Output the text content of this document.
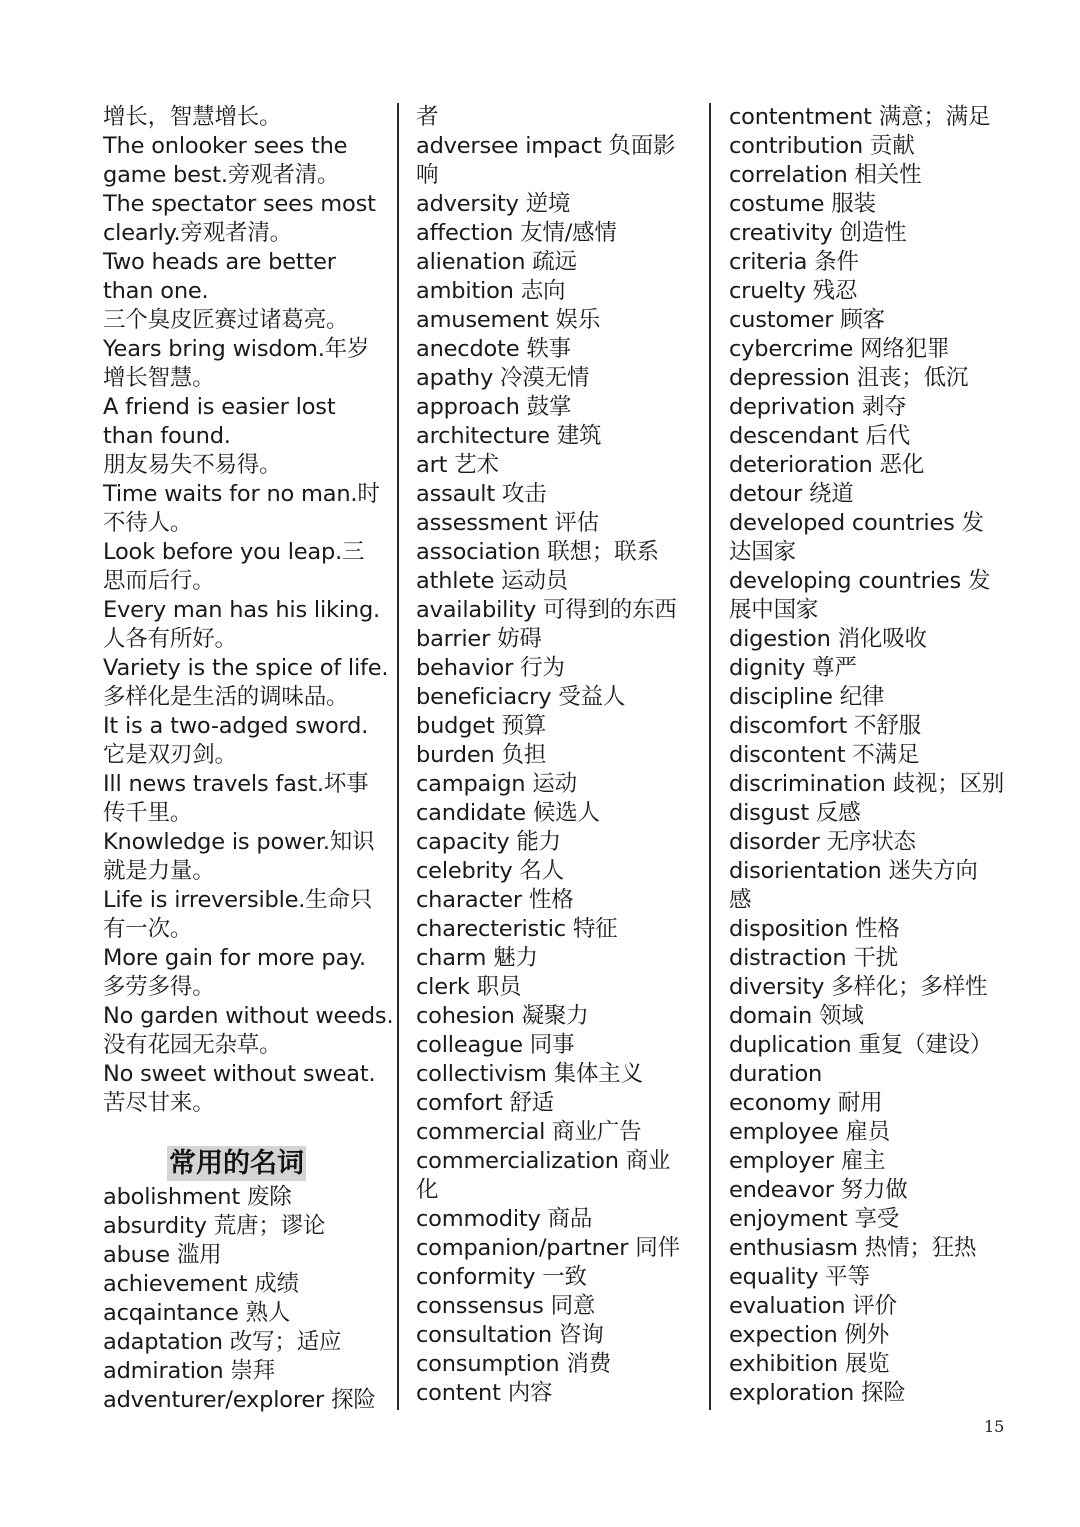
增长，智慧增长。
The onlooker sees the
game best.旁观者清。
The spectator sees most
clearly.旁观者清。
Two heads are better
than one.
三个臭皮匠赛过诸葛亮。
Years bring wisdom.年岁
增长智慧。
A friend is easier lost
than found.
朋友易失不易得。
Time waits for no man.时
不待人。
Look before you leap.三
思而后行。
Every man has his liking.
人各有所好。
Variety is the spice of life.
多样化是生活的调味品。
It is a two-adged sword.
它是双刃剑。
Ill news travels fast.坏事
传千里。
Knowledge is power.知识
就是力量。
Life is irreversible.生命只
有一次。
More gain for more pay.
多劳多得。
No garden without weeds.
没有花园无杂草。
No sweet without sweat.
苦尽甘来。
常用的名词
abolishment 废除
absurdity 荒唐；谬论
abuse 滥用
achievement 成绩
acqaintance 熟人
adaptation 改写；适应
admiration 崇拜
adventurer/explorer 探险
者
adversee impact 负面影
响
adversity 逆境
affection 友情/感情
alienation 疏远
ambition 志向
amusement 娱乐
anecdote 轶事
apathy 冷漠无情
approach 鼓掌
architecture 建筑
art 艺术
assault 攻击
assessment 评估
association 联想；联系
athlete 运动员
availability 可得到的东西
barrier 妨碍
behavior 行为
beneficiacry 受益人
budget 预算
burden 负担
campaign 运动
candidate 候选人
capacity 能力
celebrity 名人
character 性格
charecteristic 特征
charm 魅力
clerk 职员
cohesion 凝聚力
colleague 同事
collectivism 集体主义
comfort 舒适
commercial 商业广告
commercialization 商业
化
commodity 商品
companion/partner 同伴
conformity 一致
conssensus 同意
consultation 咨询
consumption 消费
content 内容
contentment 满意；满足
contribution 贡献
correlation 相关性
costume 服装
creativity 创造性
criteria 条件
cruelty 残忍
customer 顾客
cybercrime 网络犯罪
depression 沮丧；低沉
deprivation 剥夺
descendant 后代
deterioration 恶化
detour 绕道
developed countries 发
达国家
developing countries 发
展中国家
digestion 消化吸收
dignity 尊严
discipline 纪律
discomfort 不舒服
discontent 不满足
discrimination 歧视；区别
disgust 反感
disorder 无序状态
disorientation 迷失方向
感
disposition 性格
distraction 干扰
diversity 多样化；多样性
domain 领域
duplication 重复（建设）
duration
economy 耐用
employee 雇员
employer 雇主
endeavor 努力做
enjoyment 享受
enthusiasm 热情；狂热
equality 平等
evaluation 评价
expection 例外
exhibition 展览
exploration 探险
15
